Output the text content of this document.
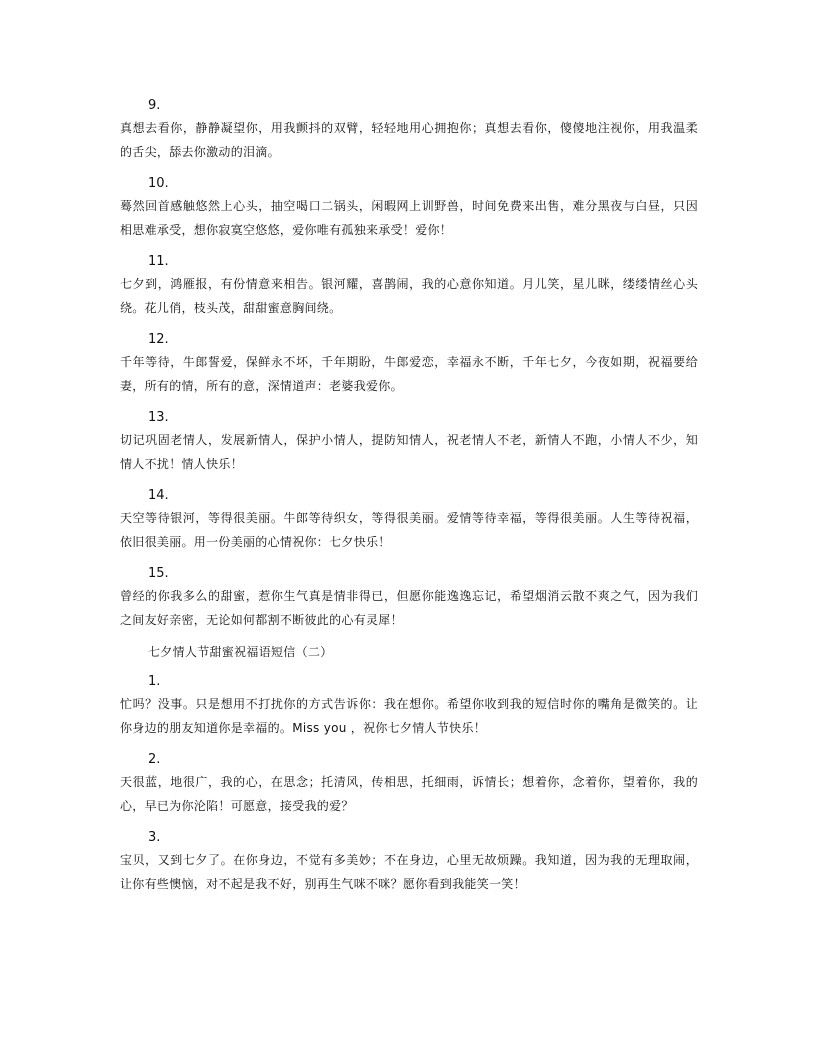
9.

真想去看你，静静凝望你，用我颤抖的双臂，轻轻地用心拥抱你；真想去看你，傻傻地注视你，用我温柔的舌尖，舔去你激动的泪滴。

10.

蓦然回首感触悠然上心头，抽空喝口二锅头，闲暇网上训野兽，时间免费来出售，难分黑夜与白昼，只因相思难承受，想你寂寞空悠悠，爱你唯有孤独来承受！爱你！

11.

七夕到，鸿雁报，有份情意来相告。银河耀，喜鹊闹，我的心意你知道。月儿笑，星儿眯，缕缕情丝心头绕。花儿俏，枝头茂，甜甜蜜意胸间绕。

12.

千年等待，牛郎誓爱，保鲜永不坏，千年期盼，牛郎爱恋，幸福永不断，千年七夕，今夜如期，祝福要给妻，所有的情，所有的意，深情道声：老婆我爱你。

13.

切记巩固老情人，发展新情人，保护小情人，提防知情人，祝老情人不老，新情人不跑，小情人不少，知情人不扰！情人快乐！

14.

天空等待银河，等得很美丽。牛郎等待织女，等得很美丽。爱情等待幸福，等得很美丽。人生等待祝福，依旧很美丽。用一份美丽的心情祝你：七夕快乐！

15.

曾经的你我多么的甜蜜，惹你生气真是情非得已，但愿你能逸逸忘记，希望烟消云散不爽之气，因为我们之间友好亲密，无论如何都割不断彼此的心有灵犀！

七夕情人节甜蜜祝福语短信（二）
1.

忙吗？没事。只是想用不打扰你的方式告诉你：我在想你。希望你收到我的短信时你的嘴角是微笑的。让你身边的朋友知道你是幸福的。Miss you ，祝你七夕情人节快乐！

2.

天很蓝，地很广，我的心，在思念；托清风，传相思，托细雨，诉情长；想着你，念着你，望着你，我的心，早已为你沦陷！可愿意，接受我的爱？

3.

宝贝，又到七夕了。在你身边，不觉有多美妙；不在身边，心里无故烦躁。我知道，因为我的无理取闹，让你有些懊恼，对不起是我不好，别再生气咪不咪？愿你看到我能笑一笑！
